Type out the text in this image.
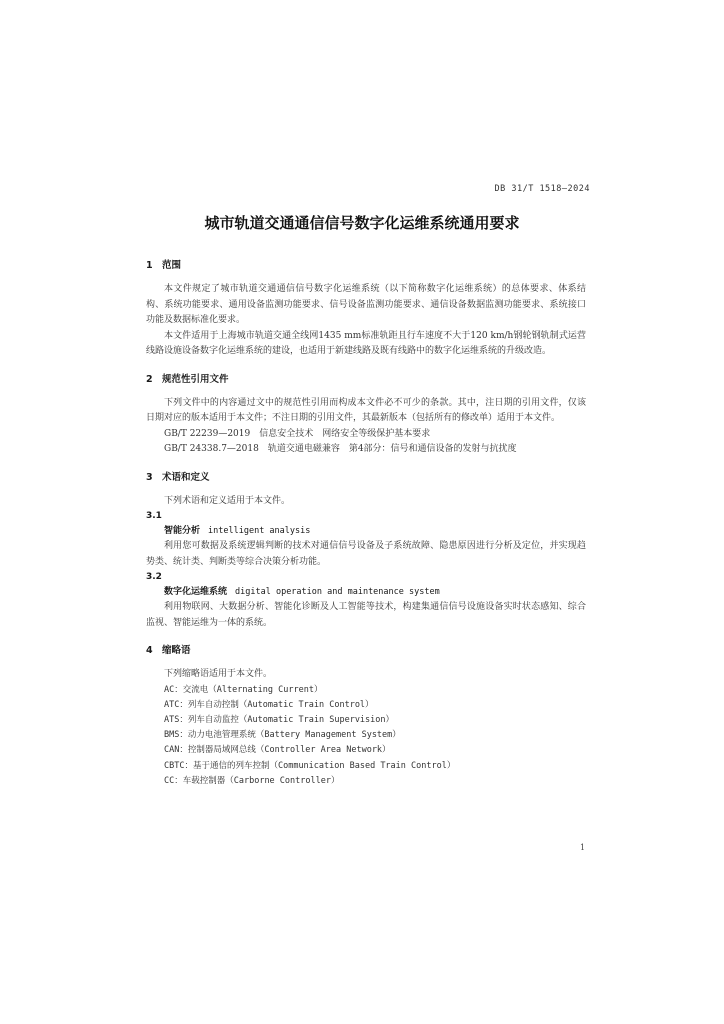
DB 31/T 1518—2024
城市轨道交通通信信号数字化运维系统通用要求
1 范围

本文件规定了城市轨道交通通信信号数字化运维系统（以下简称数字化运维系统）的总体要求、体系结构、系统功能要求、通用设备监测功能要求、信号设备监测功能要求、通信设备数据监测功能要求、系统接口功能及数据标准化要求。

本文件适用于上海城市轨道交通全线网1435 mm标准轨距且行车速度不大于120 km/h钢轮钢轨制式运营线路设施设备数字化运维系统的建设，也适用于新建线路及既有线路中的数字化运维系统的升级改造。

2 规范性引用文件

下列文件中的内容通过文中的规范性引用而构成本文件必不可少的条款。其中，注日期的引用文件，仅该日期对应的版本适用于本文件；不注日期的引用文件，其最新版本（包括所有的修改单）适用于本文件。

GB/T 22239—2019　信息安全技术　网络安全等级保护基本要求

GB/T 24338.7—2018　轨道交通电磁兼容　第4部分：信号和通信设备的发射与抗扰度

3 术语和定义

下列术语和定义适用于本文件。

3.1

智能分析 intelligent analysis

利用您可数据及系统逻辑判断的技术对通信信号设备及子系统故障、隐患原因进行分析及定位，并实现趋势类、统计类、判断类等综合决策分析功能。

3.2

数字化运维系统 digital operation and maintenance system

利用物联网、大数据分析、智能化诊断及人工智能等技术，构建集通信信号设施设备实时状态感知、综合监视、智能运维为一体的系统。

4 缩略语

下列缩略语适用于本文件。

AC：交流电（Alternating Current）

ATC：列车自动控制（Automatic Train Control）

ATS：列车自动监控（Automatic Train Supervision）

BMS：动力电池管理系统（Battery Management System）

CAN：控制器局域网总线（Controller Area Network）

CBTC：基于通信的列车控制（Communication Based Train Control）

CC：车载控制器（Carborne Controller）

1
